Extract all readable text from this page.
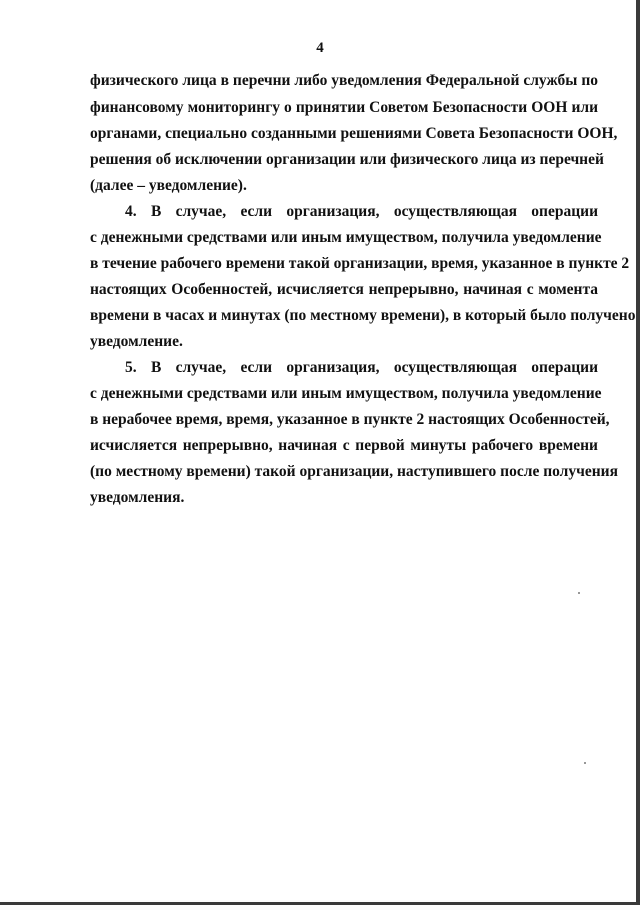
4
физического лица в перечни либо уведомления Федеральной службы по
финансовому мониторингу о принятии Советом Безопасности ООН или
органами, специально созданными решениями Совета Безопасности ООН,
решения об исключении организации или физического лица из перечней
(далее – уведомление).
4. В случае, если организация, осуществляющая операции
с денежными средствами или иным имуществом, получила уведомление
в течение рабочего времени такой организации, время, указанное в пункте 2
настоящих Особенностей, исчисляется непрерывно, начиная с момента
времени в часах и минутах (по местному времени), в который было получено
уведомление.
5. В случае, если организация, осуществляющая операции
с денежными средствами или иным имуществом, получила уведомление
в нерабочее время, время, указанное в пункте 2 настоящих Особенностей,
исчисляется непрерывно, начиная с первой минуты рабочего времени
(по местному времени) такой организации, наступившего после получения
уведомления.
